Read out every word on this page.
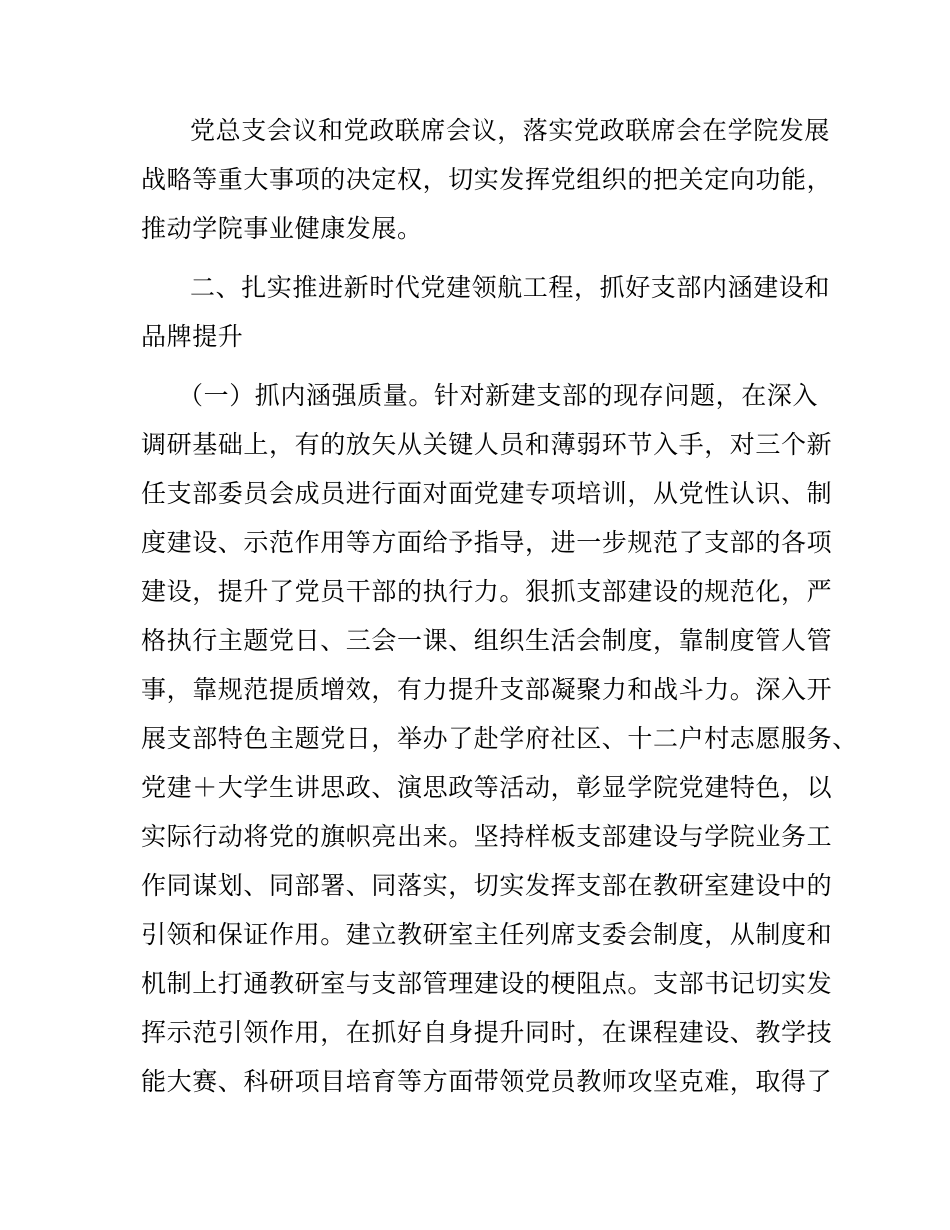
党总支会议和党政联席会议，落实党政联席会在学院发展
战略等重大事项的决定权，切实发挥党组织的把关定向功能，
推动学院事业健康发展。
二、扎实推进新时代党建领航工程，抓好支部内涵建设和
品牌提升
（一）抓内涵强质量。针对新建支部的现存问题，在深入
调研基础上，有的放矢从关键人员和薄弱环节入手，对三个新
任支部委员会成员进行面对面党建专项培训，从党性认识、制
度建设、示范作用等方面给予指导，进一步规范了支部的各项
建设，提升了党员干部的执行力。狠抓支部建设的规范化，严
格执行主题党日、三会一课、组织生活会制度，靠制度管人管
事，靠规范提质增效，有力提升支部凝聚力和战斗力。深入开
展支部特色主题党日，举办了赴学府社区、十二户村志愿服务、
党建＋大学生讲思政、演思政等活动，彰显学院党建特色，以
实际行动将党的旗帜亮出来。坚持样板支部建设与学院业务工
作同谋划、同部署、同落实，切实发挥支部在教研室建设中的
引领和保证作用。建立教研室主任列席支委会制度，从制度和
机制上打通教研室与支部管理建设的梗阻点。支部书记切实发
挥示范引领作用，在抓好自身提升同时，在课程建设、教学技
能大赛、科研项目培育等方面带领党员教师攻坚克难，取得了
